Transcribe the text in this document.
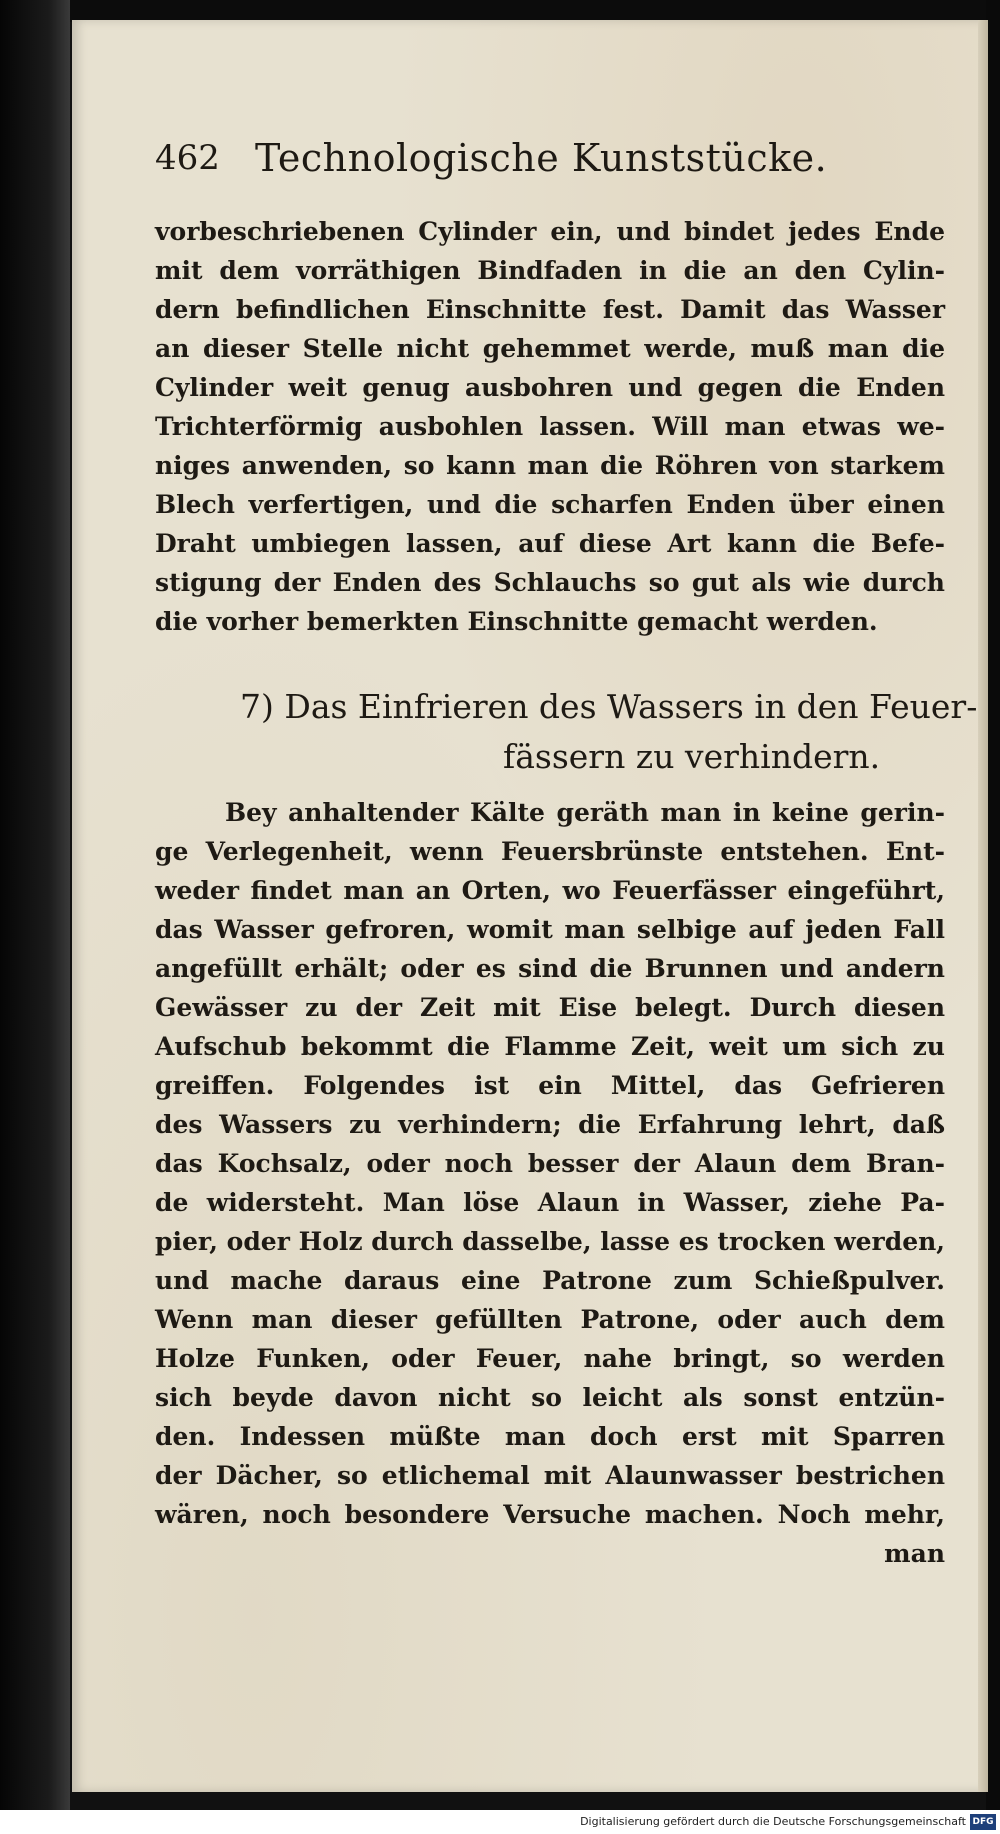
462 Technologische Kunststücke.
vorbeschriebenen Cylinder ein, und bindet jedes Ende
mit dem vorräthigen Bindfaden in die an den Cylin-
dern befindlichen Einschnitte fest. Damit das Wasser
an dieser Stelle nicht gehemmet werde, muß man die
Cylinder weit genug ausbohren und gegen die Enden
Trichterförmig ausbohlen lassen. Will man etwas we-
niges anwenden, so kann man die Röhren von starkem
Blech verfertigen, und die scharfen Enden über einen
Draht umbiegen lassen, auf diese Art kann die Befe-
stigung der Enden des Schlauchs so gut als wie durch
die vorher bemerkten Einschnitte gemacht werden.
7) Das Einfrieren des Wassers in den Feuer-
fässern zu verhindern.
Bey anhaltender Kälte geräth man in keine gerin-
ge Verlegenheit, wenn Feuersbrünste entstehen. Ent-
weder findet man an Orten, wo Feuerfässer eingeführt,
das Wasser gefroren, womit man selbige auf jeden Fall
angefüllt erhält; oder es sind die Brunnen und andern
Gewässer zu der Zeit mit Eise belegt. Durch diesen
Aufschub bekommt die Flamme Zeit, weit um sich zu
greiffen. Folgendes ist ein Mittel, das Gefrieren
des Wassers zu verhindern; die Erfahrung lehrt, daß
das Kochsalz, oder noch besser der Alaun dem Bran-
de widersteht. Man löse Alaun in Wasser, ziehe Pa-
pier, oder Holz durch dasselbe, lasse es trocken werden,
und mache daraus eine Patrone zum Schießpulver.
Wenn man dieser gefüllten Patrone, oder auch dem
Holze Funken, oder Feuer, nahe bringt, so werden
sich beyde davon nicht so leicht als sonst entzün-
den. Indessen müßte man doch erst mit Sparren
der Dächer, so etlichemal mit Alaunwasser bestrichen
wären, noch besondere Versuche machen. Noch mehr,
man
Digitalisierung gefördert durch die Deutsche Forschungsgemeinschaft DFG
